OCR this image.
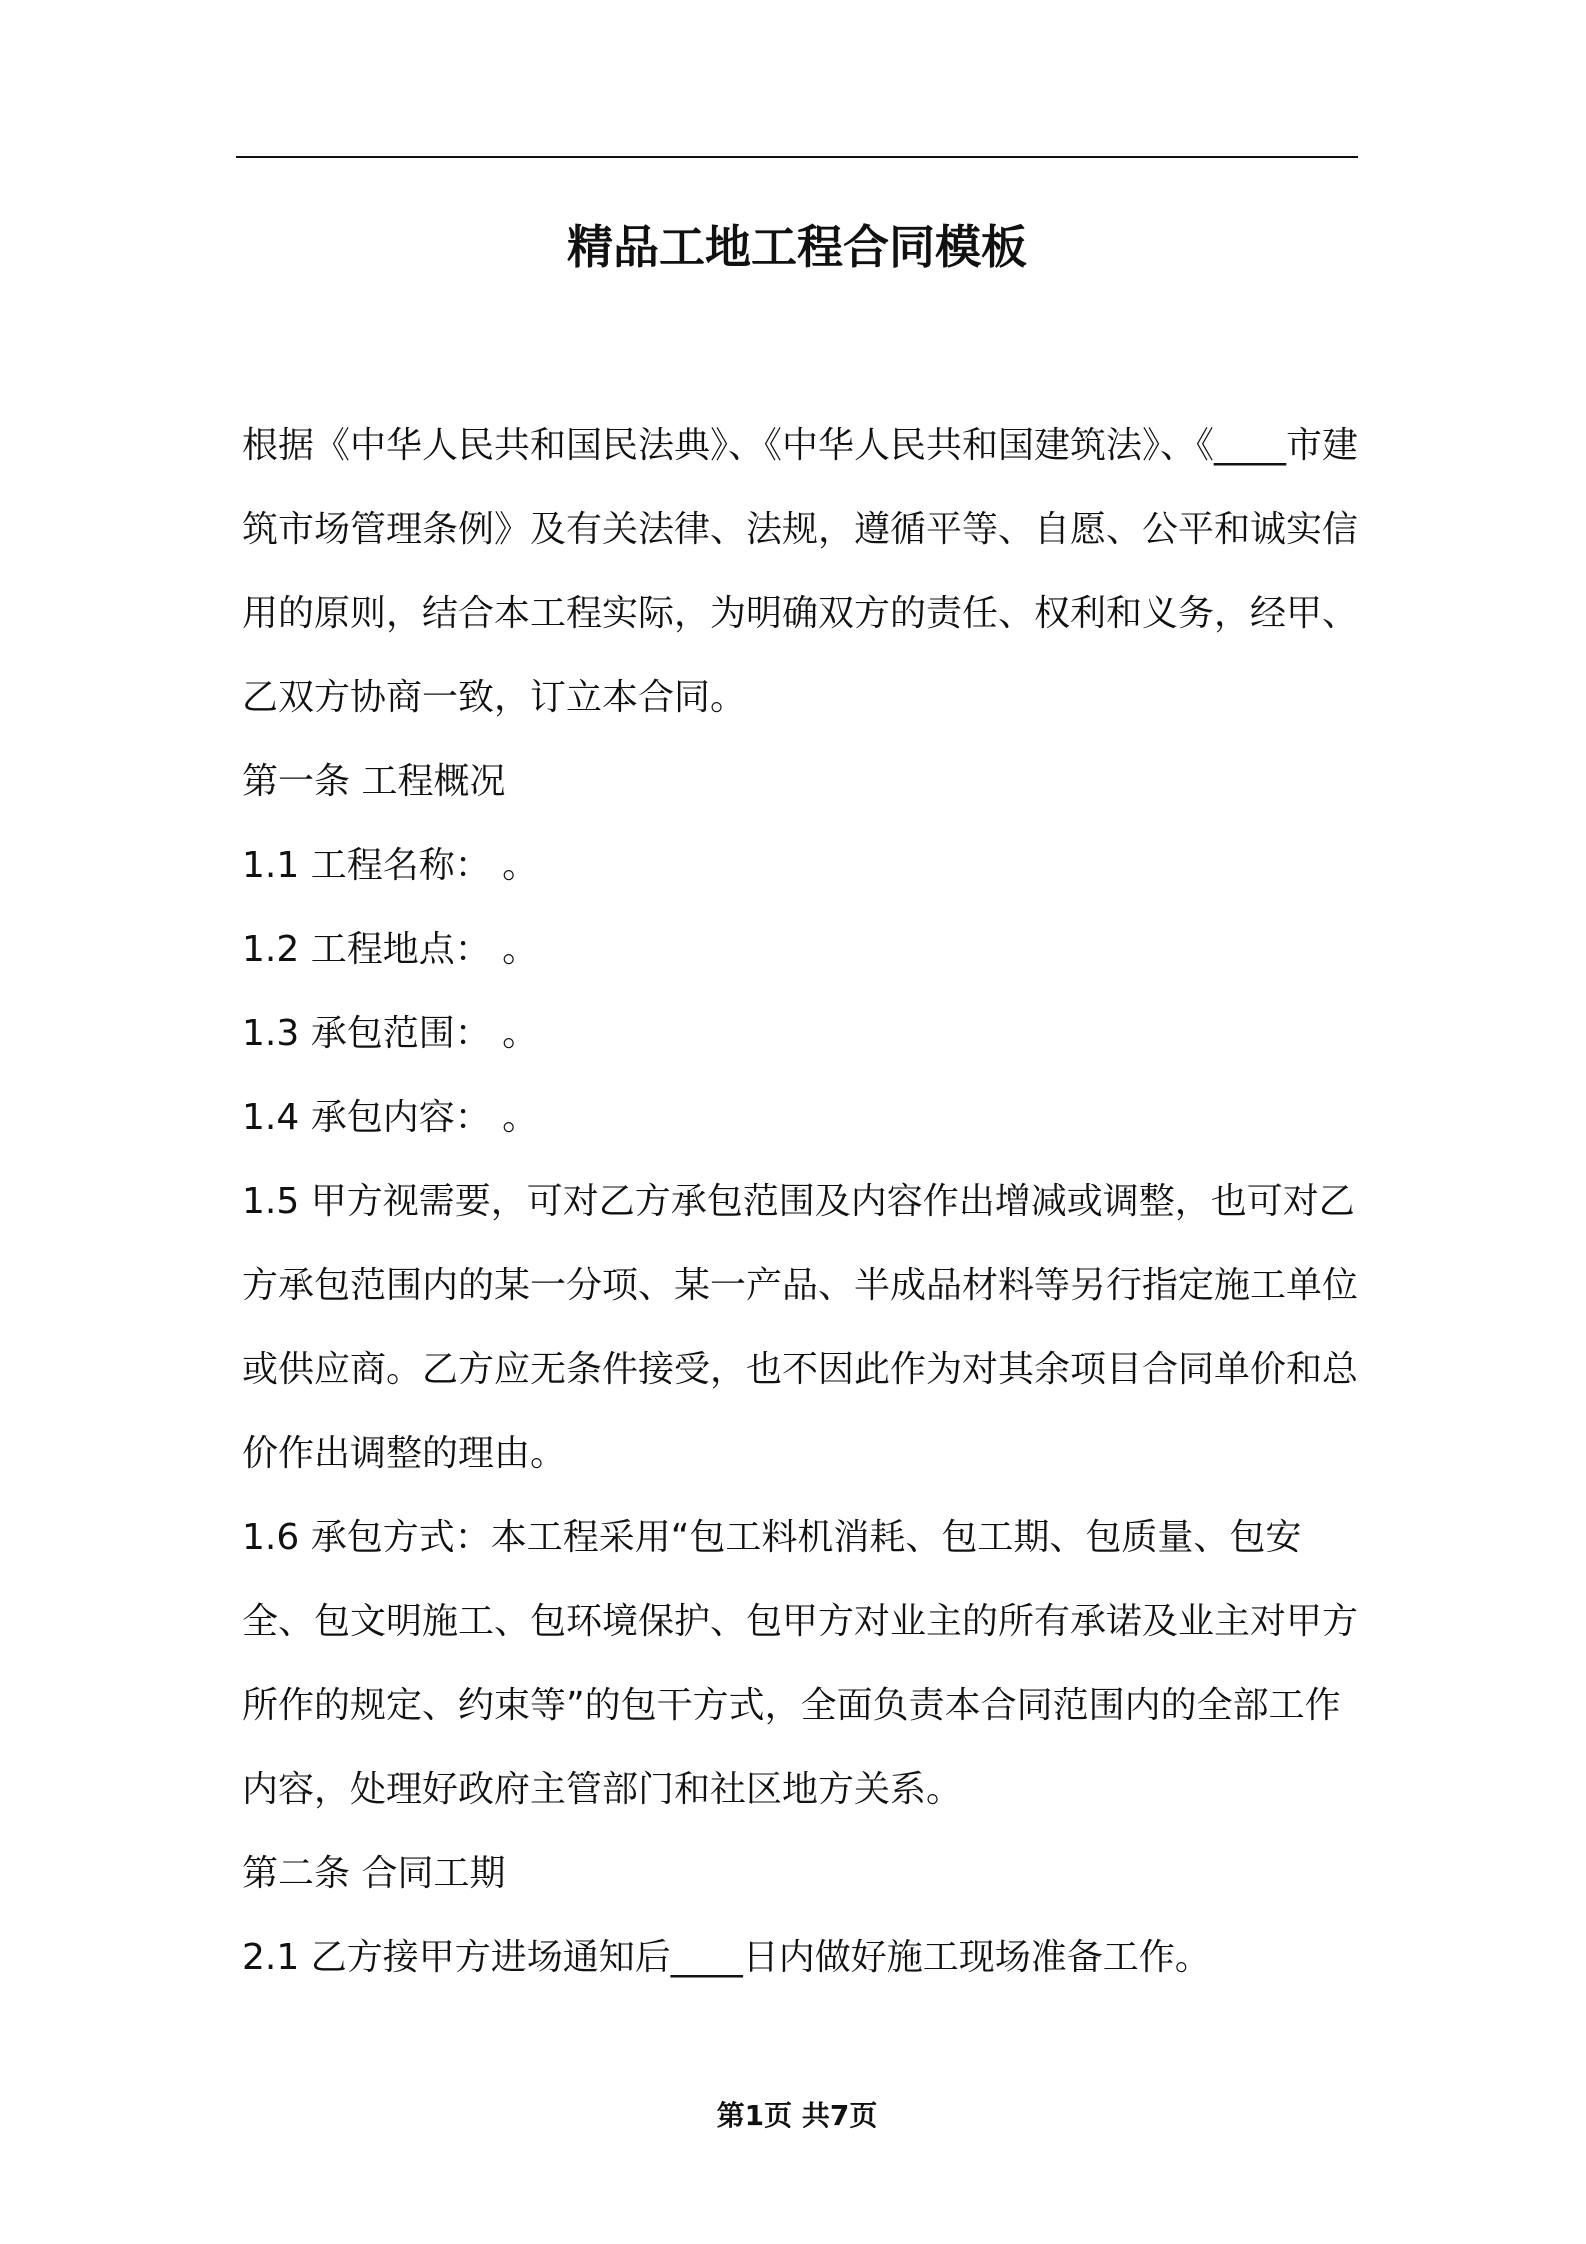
精品工地工程合同模板

根据《中华人民共和国民法典》、《中华人民共和国建筑法》、《____市建筑市场管理条例》及有关法律、法规，遵循平等、自愿、公平和诚实信用的原则，结合本工程实际，为明确双方的责任、权利和义务，经甲、乙双方协商一致，订立本合同。

第一条 工程概况

1.1 工程名称： 。

1.2 工程地点： 。

1.3 承包范围： 。

1.4 承包内容： 。

1.5 甲方视需要，可对乙方承包范围及内容作出增减或调整，也可对乙方承包范围内的某一分项、某一产品、半成品材料等另行指定施工单位或供应商。乙方应无条件接受，也不因此作为对其余项目合同单价和总价作出调整的理由。

1.6 承包方式：本工程采用“包工料机消耗、包工期、包质量、包安全、包文明施工、包环境保护、包甲方对业主的所有承诺及业主对甲方所作的规定、约束等”的包干方式，全面负责本合同范围内的全部工作内容，处理好政府主管部门和社区地方关系。

第二条 合同工期

2.1 乙方接甲方进场通知后____日内做好施工现场准备工作。

第1页 共7页
